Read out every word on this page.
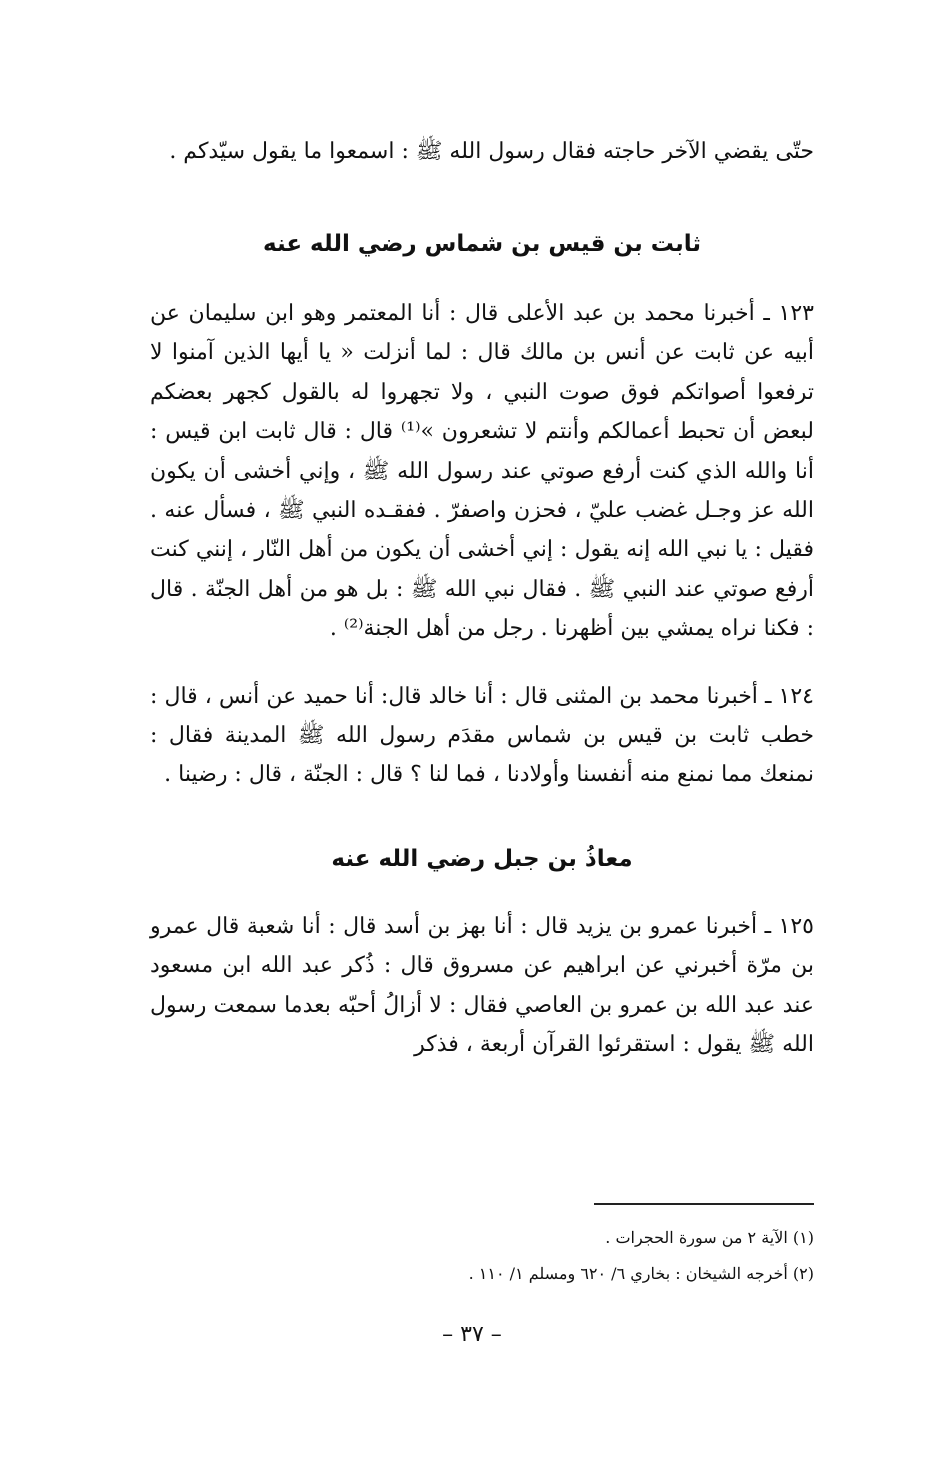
حتّى يقضي الآخر حاجته فقال رسول الله ﷺ : اسمعوا ما يقول سيّدكم .

ثابت بن قيس بن شماس رضي الله عنه

١٢٣ ـ أخبرنا محمد بن عبد الأعلى قال : أنا المعتمر وهو ابن سليمان عن أبيه عن ثابت عن أنس بن مالك قال : لما أنزلت « يا أيها الذين آمنوا لا ترفعوا أصواتكم فوق صوت النبي ، ولا تجهروا له بالقول كجهر بعضكم لبعض أن تحبط أعمالكم وأنتم لا تشعرون »⁽¹⁾ قال : قال ثابت ابن قيس : أنا والله الذي كنت أرفع صوتي عند رسول الله ﷺ ، وإني أخشى أن يكون الله عز وجـل غضب عليّ ، فحزن واصفرّ . ففقـده النبي ﷺ ، فسأل عنه . فقيل : يا نبي الله إنه يقول : إني أخشى أن يكون من أهل النّار ، إنني كنت أرفع صوتي عند النبي ﷺ . فقال نبي الله ﷺ : بل هو من أهل الجنّة . قال : فكنا نراه يمشي بين أظهرنا . رجل من أهل الجنة⁽²⁾ .

١٢٤ ـ أخبرنا محمد بن المثنى قال : أنا خالد قال: أنا حميد عن أنس ، قال : خطب ثابت بن قيس بن شماس مقدَم رسول الله ﷺ المدينة فقال : نمنعك مما نمنع منه أنفسنا وأولادنا ، فما لنا ؟ قال : الجنّة ، قال : رضينا .

معاذُ بن جبل رضي الله عنه

١٢٥ ـ أخبرنا عمرو بن يزيد قال : أنا بهز بن أسد قال : أنا شعبة قال عمرو بن مرّة أخبرني عن ابراهيم عن مسروق قال : ذُكر عبد الله ابن مسعود عند عبد الله بن عمرو بن العاصي فقال : لا أزالُ أحبّه بعدما سمعت رسول الله ﷺ يقول : استقرئوا القرآن أربعة ، فذكر

(١) الآية ٢ من سورة الحجرات .

(٢) أخرجه الشيخان : بخاري ٦/ ٦٢٠ ومسلم ١/ ١١٠ .

– ٣٧ –
